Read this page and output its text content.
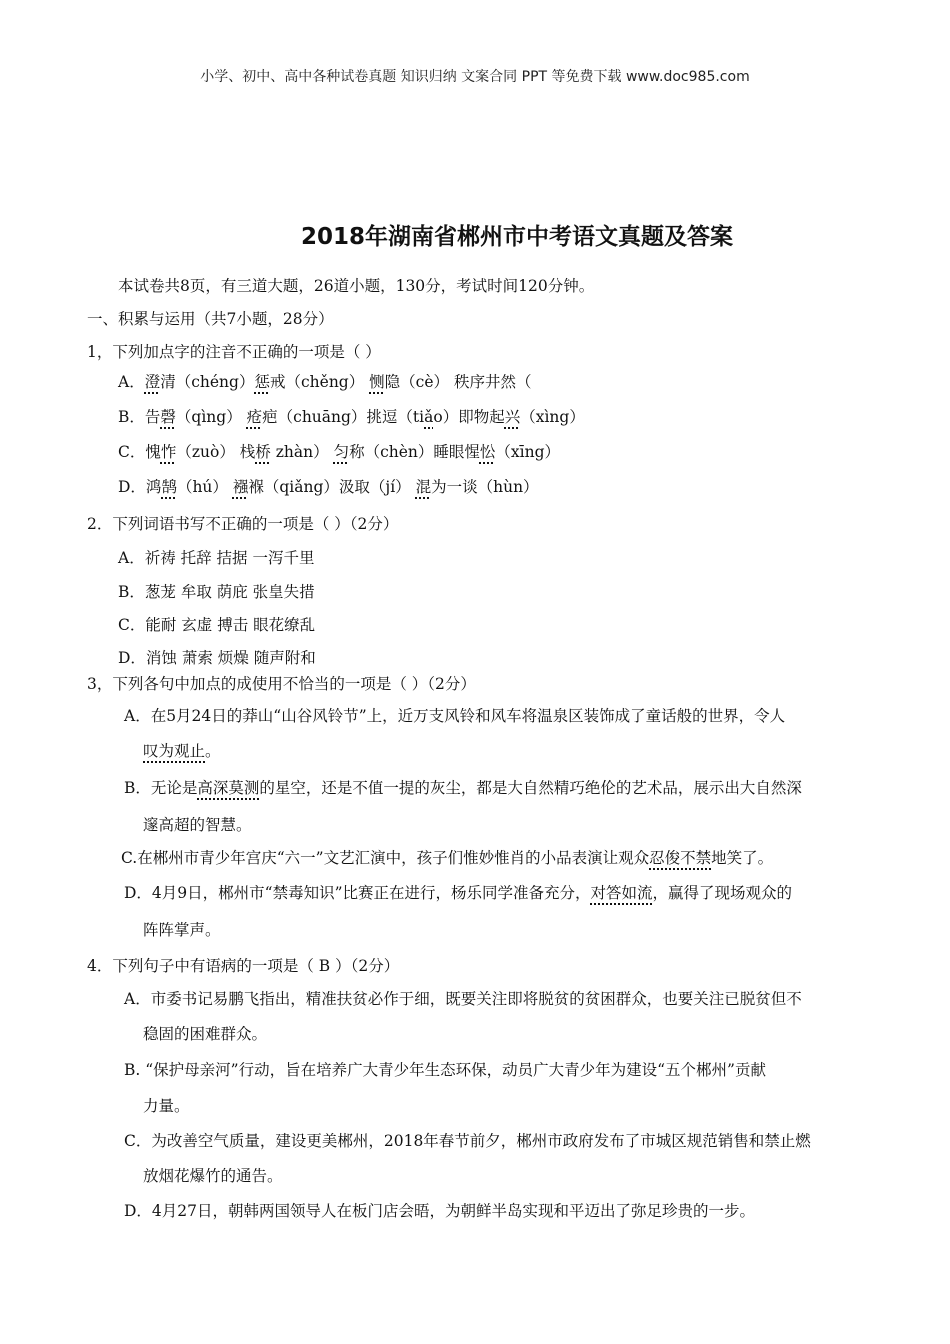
小学、初中、高中各种试卷真题 知识归纳 文案合同 PPT 等免费下载 www.doc985.com
2018年湖南省郴州市中考语文真题及答案
本试卷共8页，有三道大题，26道小题，130分，考试时间120分钟。
一、积累与运用（共7小题，28分）
1，下列加点字的注音不正确的一项是（ ）
A．澄清（chéng）惩戒（chěng） 恻隐（cè） 秩序井然（
B．告磬（qìng） 疮疤（chuāng）挑逗（tiǎo）即物起兴（xìng）
C．愧怍（zuò） 栈桥 zhàn） 匀称（chèn）睡眼惺忪（xīng）
D．鸿鹄（hú） 襁褓（qiǎng）汲取（jí） 混为一谈（hùn）
2．下列词语书写不正确的一项是（ ）（2分）
A．祈祷 托辞 拮据 一泻千里
B．葱茏 牟取 荫庇 张皇失措
C．能耐 玄虚 搏击 眼花缭乱
D．消蚀 萧索 烦燥 随声附和
3，下列各句中加点的成使用不恰当的一项是（ ）（2分）
A．在5月24日的莽山“山谷风铃节”上，近万支风铃和风车将温泉区装饰成了童话般的世界，令人
叹为观止。
B．无论是高深莫测的星空，还是不值一提的灰尘，都是大自然精巧绝伦的艺术品，展示出大自然深
邃高超的智慧。
C.在郴州市青少年宫庆“六一”文艺汇演中，孩子们惟妙惟肖的小品表演让观众忍俊不禁地笑了。
D．4月9日，郴州市“禁毒知识”比赛正在进行，杨乐同学准备充分，对答如流，赢得了现场观众的
阵阵掌声。
4．下列句子中有语病的一项是（ B ）（2分）
A．市委书记易鹏飞指出，精准扶贫必作于细，既要关注即将脱贫的贫困群众，也要关注已脱贫但不
稳固的困难群众。
B. “保护母亲河”行动，旨在培养广大青少年生态环保，动员广大青少年为建设“五个郴州”贡献
力量。
C．为改善空气质量，建设更美郴州，2018年春节前夕，郴州市政府发布了市城区规范销售和禁止燃
放烟花爆竹的通告。
D．4月27日，朝韩两国领导人在板门店会晤，为朝鲜半岛实现和平迈出了弥足珍贵的一步。
